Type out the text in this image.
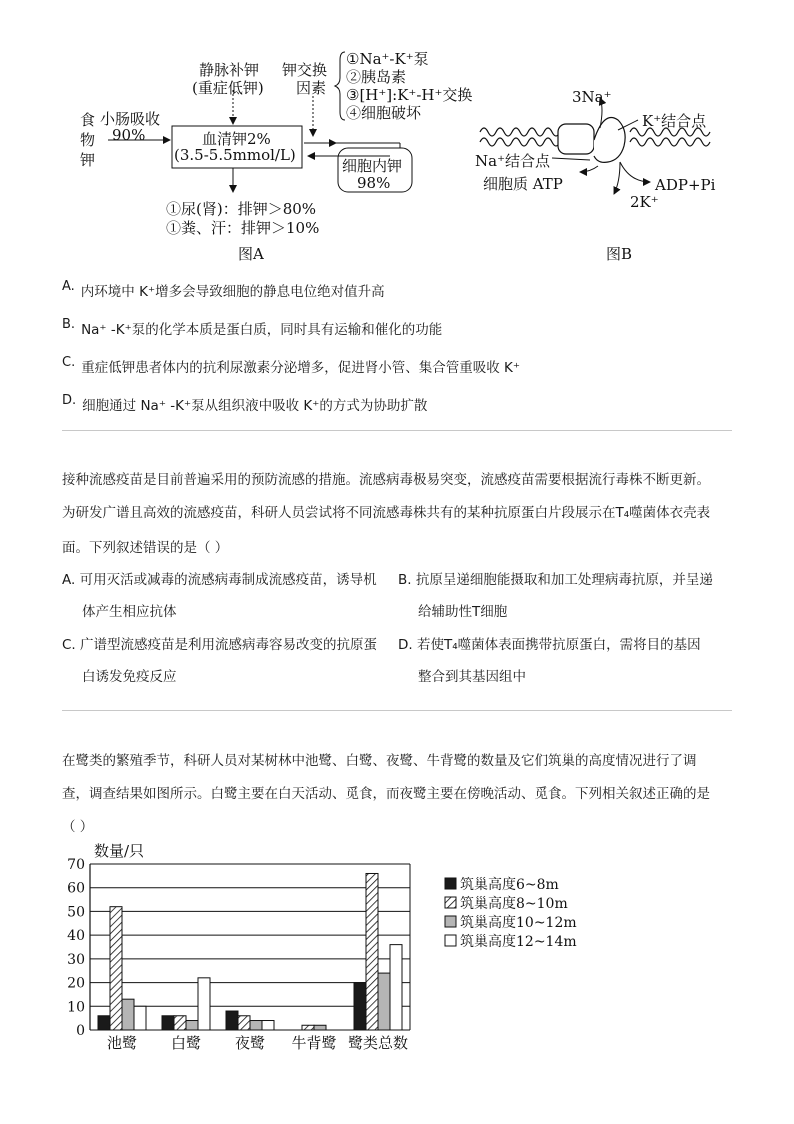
食物钾
小肠吸收
90%
静脉补钾
(重症低钾)
钾交换
因素
①Na⁺-K⁺泵
②胰岛素
③[H⁺]:K⁺-H⁺交换
④细胞破坏
血清钾2%
(3.5-5.5mmol/L)
细胞内钾
98%
①尿(肾)：排钾＞80%
①粪、汗：排钾＞10%
图A
3Na⁺
K⁺结合点
Na⁺结合点
细胞质 ATP	ADP+Pi
2K⁺
图B
A. 内环境中 K⁺增多会导致细胞的静息电位绝对值升高
B. Na⁺ -K⁺泵的化学本质是蛋白质，同时具有运输和催化的功能
C. 重症低钾患者体内的抗利尿激素分泌增多，促进肾小管、集合管重吸收 K⁺
D. 细胞通过 Na⁺ -K⁺泵从组织液中吸收 K⁺的方式为协助扩散
接种流感疫苗是目前普遍采用的预防流感的措施。流感病毒极易突变，流感疫苗需要根据流行毒株不断更新。
为研发广谱且高效的流感疫苗，科研人员尝试将不同流感毒株共有的某种抗原蛋白片段展示在T₄噬菌体衣壳表
面。下列叙述错误的是（ ）
A. 可用灭活或减毒的流感病毒制成流感疫苗，诱导机
体产生相应抗体
B. 抗原呈递细胞能摄取和加工处理病毒抗原，并呈递
给辅助性T细胞
C. 广谱型流感疫苗是利用流感病毒容易改变的抗原蛋
白诱发免疫反应
D. 若使T₄噬菌体表面携带抗原蛋白，需将目的基因
整合到其基因组中
在鹭类的繁殖季节，科研人员对某树林中池鹭、白鹭、夜鹭、牛背鹭的数量及它们筑巢的高度情况进行了调
查，调查结果如图所示。白鹭主要在白天活动、觅食，而夜鹭主要在傍晚活动、觅食。下列相关叙述正确的是
（ ）
数量/只
0
10
20
30
40
50
60
70
池鹭 白鹭 夜鹭 牛背鹭 鹭类总数
筑巢高度6~8m
筑巢高度8~10m
筑巢高度10~12m
筑巢高度12~14m
